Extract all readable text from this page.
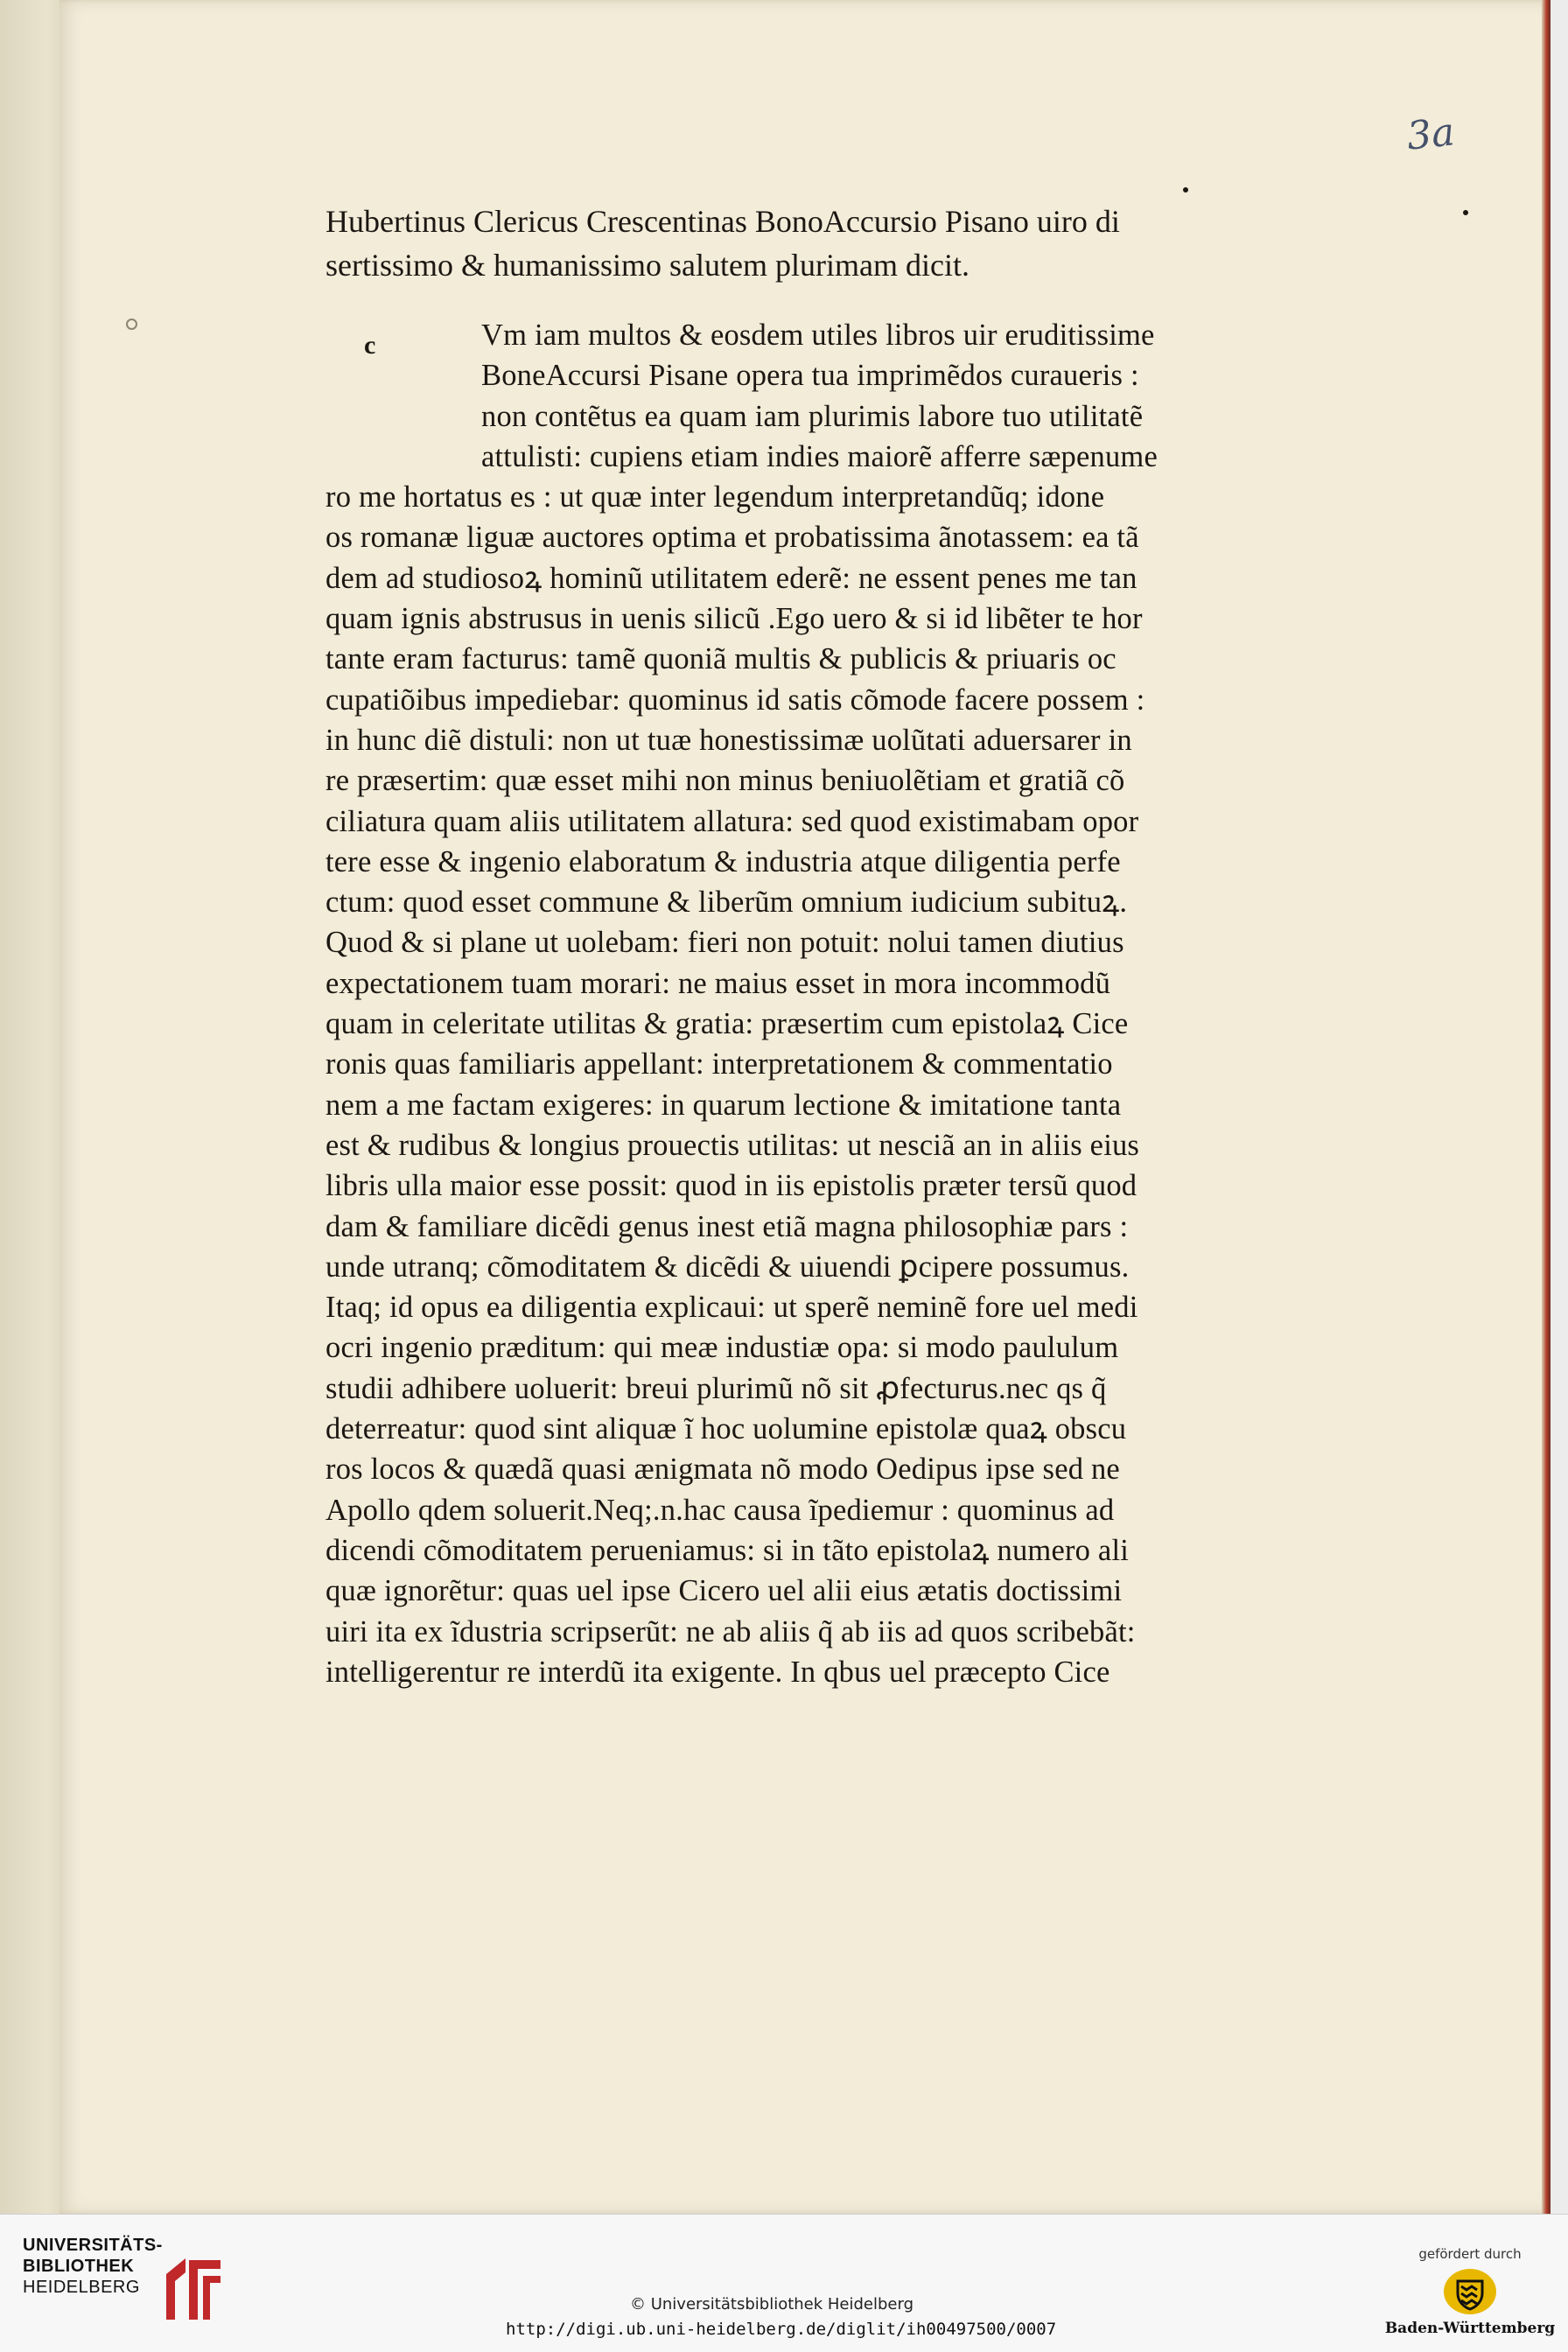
3a
Hubertinus Clericus Crescentinas BonoAccursio Pisano uiro di
sertissimo & humanissimo salutem plurimam dicit.
c	Vm iam multos & eosdem utiles libros uir eruditissime
BoneAccursi Pisane opera tua imprimẽdos curaueris :
non contẽtus ea quam iam plurimis labore tuo utilitatẽ
attulisti: cupiens etiam indies maiorẽ afferre sæpenume
ro me hortatus es : ut quæ inter legendum interpretandũq; idone
os romanæ liguæ auctores optima et probatissima ãnotassem: ea tã
dem ad studiosoꝝ hominũ utilitatem ederẽ: ne essent penes me tan
quam ignis abstrusus in uenis silicũ .Ego uero & si id libẽter te hor
tante eram facturus: tamẽ quoniã multis & publicis & priuaris oc
cupatiõibus impediebar: quominus id satis cõmode facere possem :
in hunc diẽ distuli: non ut tuæ honestissimæ uolũtati aduersarer in
re præsertim: quæ esset mihi non minus beniuolẽtiam et gratiã cõ
ciliatura quam aliis utilitatem allatura: sed quod existimabam opor
tere esse & ingenio elaboratum & industria atque diligentia perfe
ctum: quod esset commune & liberũm omnium iudicium subituꝝ.
Quod & si plane ut uolebam: fieri non potuit: nolui tamen diutius
expectationem tuam morari: ne maius esset in mora incommodũ
quam in celeritate utilitas & gratia: præsertim cum epistolaꝝ Cice
ronis quas familiaris appellant: interpretationem & commentatio
nem a me factam exigeres: in quarum lectione & imitatione tanta
est & rudibus & longius prouectis utilitas: ut nesciã an in aliis eius
libris ulla maior esse possit: quod in iis epistolis præter tersũ quod
dam & familiare dicẽdi genus inest etiã magna philosophiæ pars :
unde utranq; cõmoditatem & dicẽdi & uiuendi ꝑcipere possumus.
Itaq; id opus ea diligentia explicaui: ut sperẽ neminẽ fore uel medi
ocri ingenio præditum: qui meæ industiæ opa: si modo paululum
studii adhibere uoluerit: breui plurimũ nõ sit ꝓfecturus.nec qs q̃
deterreatur: quod sint aliquæ ĩ hoc uolumine epistolæ quaꝝ obscu
ros locos & quædã quasi ænigmata nõ modo Oedipus ipse sed ne
Apollo qdem soluerit.Neq;.n.hac causa ĩpediemur : quominus ad
dicendi cõmoditatem perueniamus: si in tãto epistolaꝝ numero ali
quæ ignorẽtur: quas uel ipse Cicero uel alii eius ætatis doctissimi
uiri ita ex ĩdustria scripserũt: ne ab aliis q̃ ab iis ad quos scribebãt:
intelligerentur re interdũ ita exigente. In qbus uel præcepto Cice
UNIVERSITÄTS-
BIBLIOTHEK
HEIDELBERG
© Universitätsbibliothek Heidelberg
http://digi.ub.uni-heidelberg.de/diglit/ih00497500/0007
gefördert durch
Baden-Württemberg
